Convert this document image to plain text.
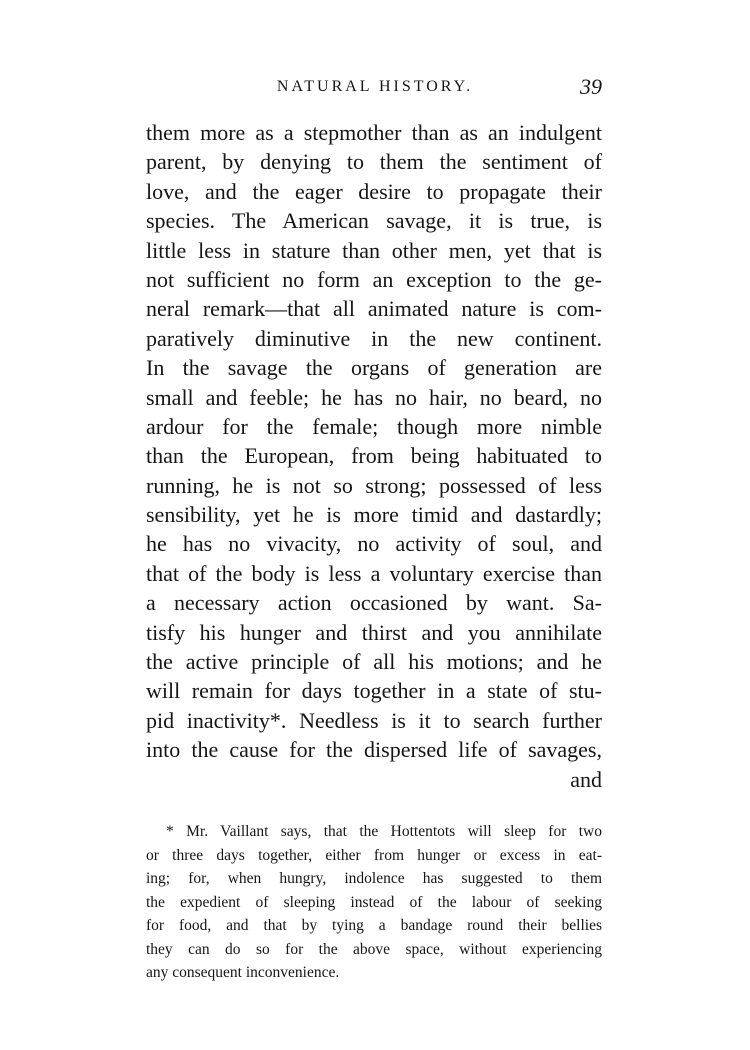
NATURAL HISTORY.	39
them more as a stepmother than as an indulgent
parent, by denying to them the sentiment of
love, and the eager desire to propagate their
species. The American savage, it is true, is
little less in stature than other men, yet that is
not sufficient no form an exception to the ge-
neral remark—that all animated nature is com-
paratively diminutive in the new continent.
In the savage the organs of generation are
small and feeble; he has no hair, no beard, no
ardour for the female; though more nimble
than the European, from being habituated to
running, he is not so strong; possessed of less
sensibility, yet he is more timid and dastardly;
he has no vivacity, no activity of soul, and
that of the body is less a voluntary exercise than
a necessary action occasioned by want. Sa-
tisfy his hunger and thirst and you annihilate
the active principle of all his motions; and he
will remain for days together in a state of stu-
pid inactivity*. Needless is it to search further
into the cause for the dispersed life of savages,
and
* Mr. Vaillant says, that the Hottentots will sleep for two
or three days together, either from hunger or excess in eat-
ing; for, when hungry, indolence has suggested to them
the expedient of sleeping instead of the labour of seeking
for food, and that by tying a bandage round their bellies
they can do so for the above space, without experiencing
any consequent inconvenience.
